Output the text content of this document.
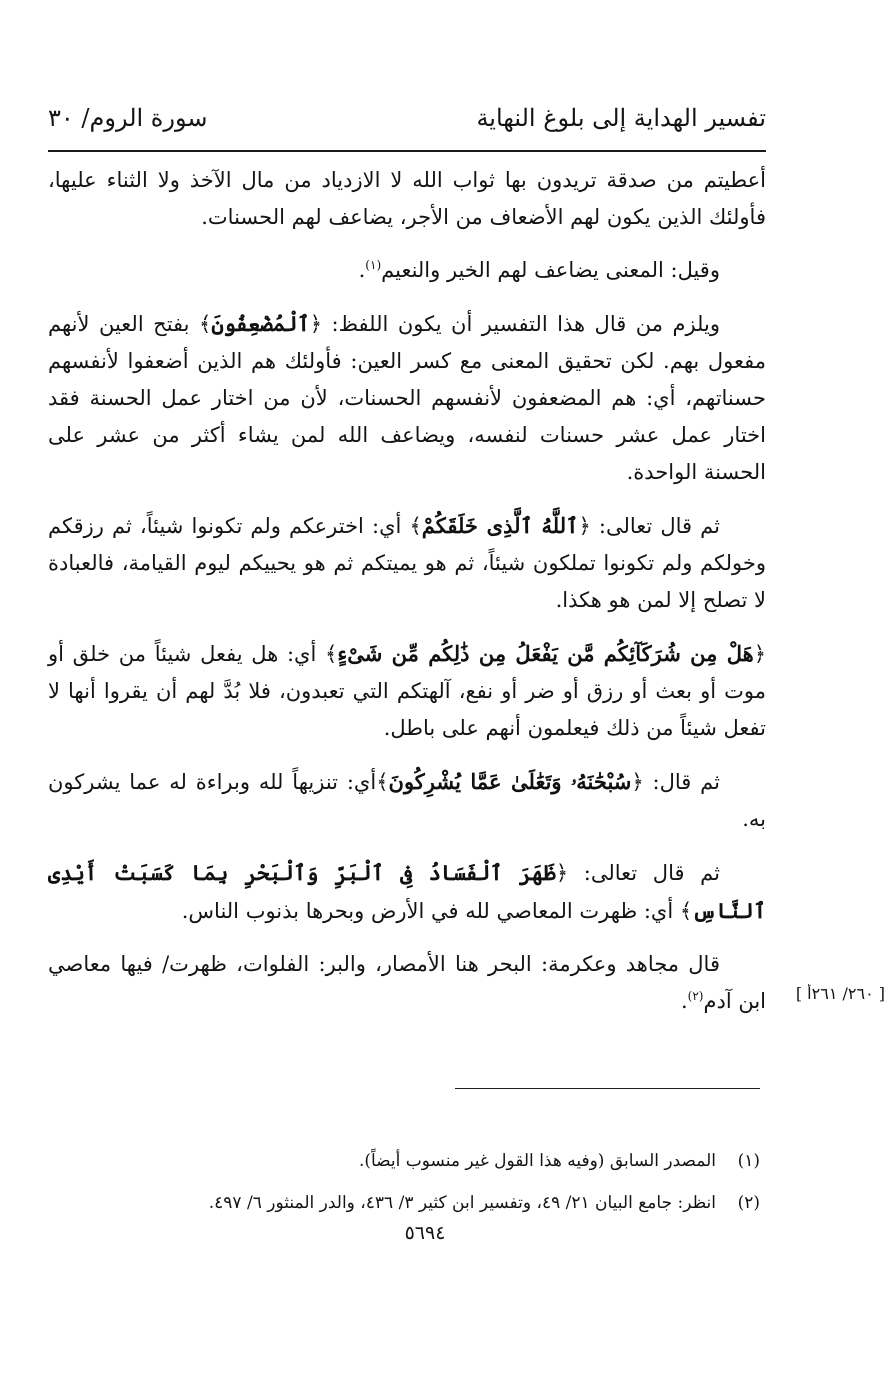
تفسير الهداية إلى بلوغ النهاية
سورة الروم/ ٣٠

أعطيتم من صدقة تريدون بها ثواب الله لا الازدياد من مال الآخذ ولا الثناء عليها، فأولئك الذين يكون لهم الأضعاف من الأجر، يضاعف لهم الحسنات.

وقيل: المعنى يضاعف لهم الخير والنعيم$^{(١)}$.

ويلزم من قال هذا التفسير أن يكون اللفظ: ﴿ٱلْمُضْعِفُونَ﴾ بفتح العين لأنهم مفعول بهم. لكن تحقيق المعنى مع كسر العين: فأولئك هم الذين أضعفوا لأنفسهم حسناتهم، أي: هم المضعفون لأنفسهم الحسنات، لأن من اختار عمل الحسنة فقد اختار عمل عشر حسنات لنفسه، ويضاعف الله لمن يشاء أكثر من عشر على الحسنة الواحدة.

ثم قال تعالى: ﴿ٱللَّهُ ٱلَّذِى خَلَقَكُمْ﴾ أي: اخترعكم ولم تكونوا شيئاً، ثم رزقكم وخولكم ولم تكونوا تملكون شيئاً، ثم هو يميتكم ثم هو يحييكم ليوم القيامة، فالعبادة لا تصلح إلا لمن هو هكذا.

﴿هَلْ مِن شُرَكَآئِكُم مَّن يَفْعَلُ مِن ذَٰلِكُم مِّن شَىْءٍ﴾ أي: هل يفعل شيئاً من خلق أو موت أو بعث أو رزق أو ضر أو نفع، آلهتكم التي تعبدون، فلا بُدَّ لهم أن يقروا أنها لا تفعل شيئاً من ذلك فيعلمون أنهم على باطل.

ثم قال: ﴿سُبْحَٰنَهُۥ وَتَعَٰلَىٰ عَمَّا يُشْرِكُونَ﴾أي: تنزيهاً لله وبراءة له عما يشركون به.

ثم قال تعالى: ﴿ظَهَرَ ٱلْفَسَادُ فِى ٱلْبَرِّ وَٱلْبَحْرِ بِمَا كَسَبَتْ أَيْدِى ٱلنَّاسِ﴾ أي: ظهرت المعاصي لله في الأرض وبحرها بذنوب الناس.

قال مجاهد وعكرمة: البحر هنا الأمصار، والبر: الفلوات، ظهرت/ فيها معاصي ابن آدم$^{(٢)}$.	[ ٢٦٠/ ٢٦١أ ]
(١)
المصدر السابق (وفيه هذا القول غير منسوب أيضاً).
(٢)
انظر: جامع البيان ٢١/ ٤٩، وتفسير ابن كثير ٣/ ٤٣٦، والدر المنثور ٦/ ٤٩٧.
٥٦٩٤
